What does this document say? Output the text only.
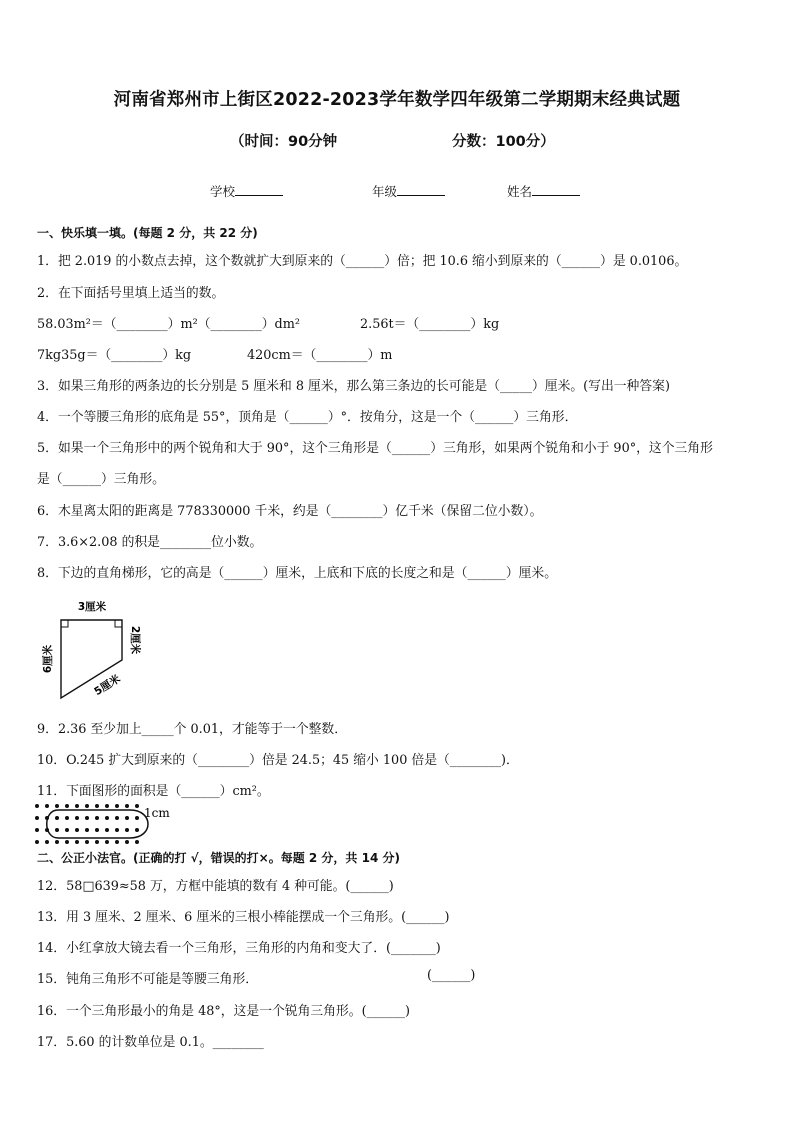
河南省郑州市上街区2022-2023学年数学四年级第二学期期末经典试题
（时间：90分钟	分数：100分）
学校	年级	姓名
一、快乐填一填。(每题 2 分，共 22 分)
1．把 2.019 的小数点去掉，这个数就扩大到原来的（______）倍；把 10.6 缩小到原来的（______）是 0.0106。
2．在下面括号里填上适当的数。
58.03m²＝（________）m²（________）dm²	2.56t＝（________）kg
7kg35g＝（________）kg	420cm＝（________）m
3．如果三角形的两条边的长分别是 5 厘米和 8 厘米，那么第三条边的长可能是（_____）厘米。(写出一种答案)
4．一个等腰三角形的底角是 55°，顶角是（______）°．按角分，这是一个（______）三角形．
5．如果一个三角形中的两个锐角和大于 90°，这个三角形是（______）三角形，如果两个锐角和小于 90°，这个三角形
是（______）三角形。
6．木星离太阳的距离是 778330000 千米，约是（________）亿千米（保留二位小数）。
7．3.6×2.08 的积是________位小数。
8．下边的直角梯形，它的高是（______）厘米，上底和下底的长度之和是（______）厘米。
3厘米
6厘米
2厘米
5厘米
9．2.36 至少加上_____个 0.01，才能等于一个整数．
10．O.245 扩大到原来的（________）倍是 24.5；45 缩小 100 倍是（________)．
11．下面图形的面积是（______）cm²。
1cm
二、公正小法官。(正确的打 √，错误的打×。每题 2 分，共 14 分)
12．58□639≈58 万，方框中能填的数有 4 种可能。(______)
13．用 3 厘米、2 厘米、6 厘米的三根小棒能摆成一个三角形。(______)
14．小红拿放大镜去看一个三角形，三角形的内角和变大了．(_______)
15．钝角三角形不可能是等腰三角形．	(______)
16．一个三角形最小的角是 48°，这是一个锐角三角形。(______)
17．5.60 的计数单位是 0.1。________
